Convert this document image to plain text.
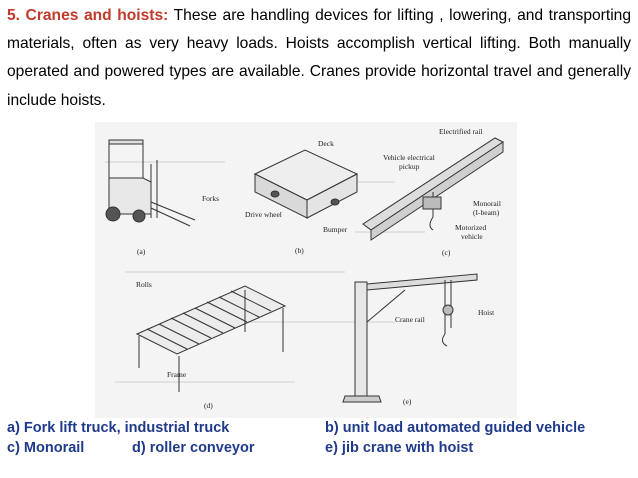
5. Cranes and hoists: These are handling devices for lifting , lowering, and transporting materials, often as very heavy loads. Hoists accomplish vertical lifting. Both manually operated and powered types are available. Cranes provide horizontal travel and generally include hoists.

Forks
(a)
Deck
Drive wheel
Bumper
(b)
Electrified rail
Vehicle electrical
pickup
Monorail
(I-beam)
Motorized
vehicle
(c)
Rolls
Frame
(d)
Hoist
Crane rail
(e)
a) Fork lift truck, industrial truck	b) unit load automated guided vehicle
c) Monorail	d) roller conveyor	e) jib crane with hoist
